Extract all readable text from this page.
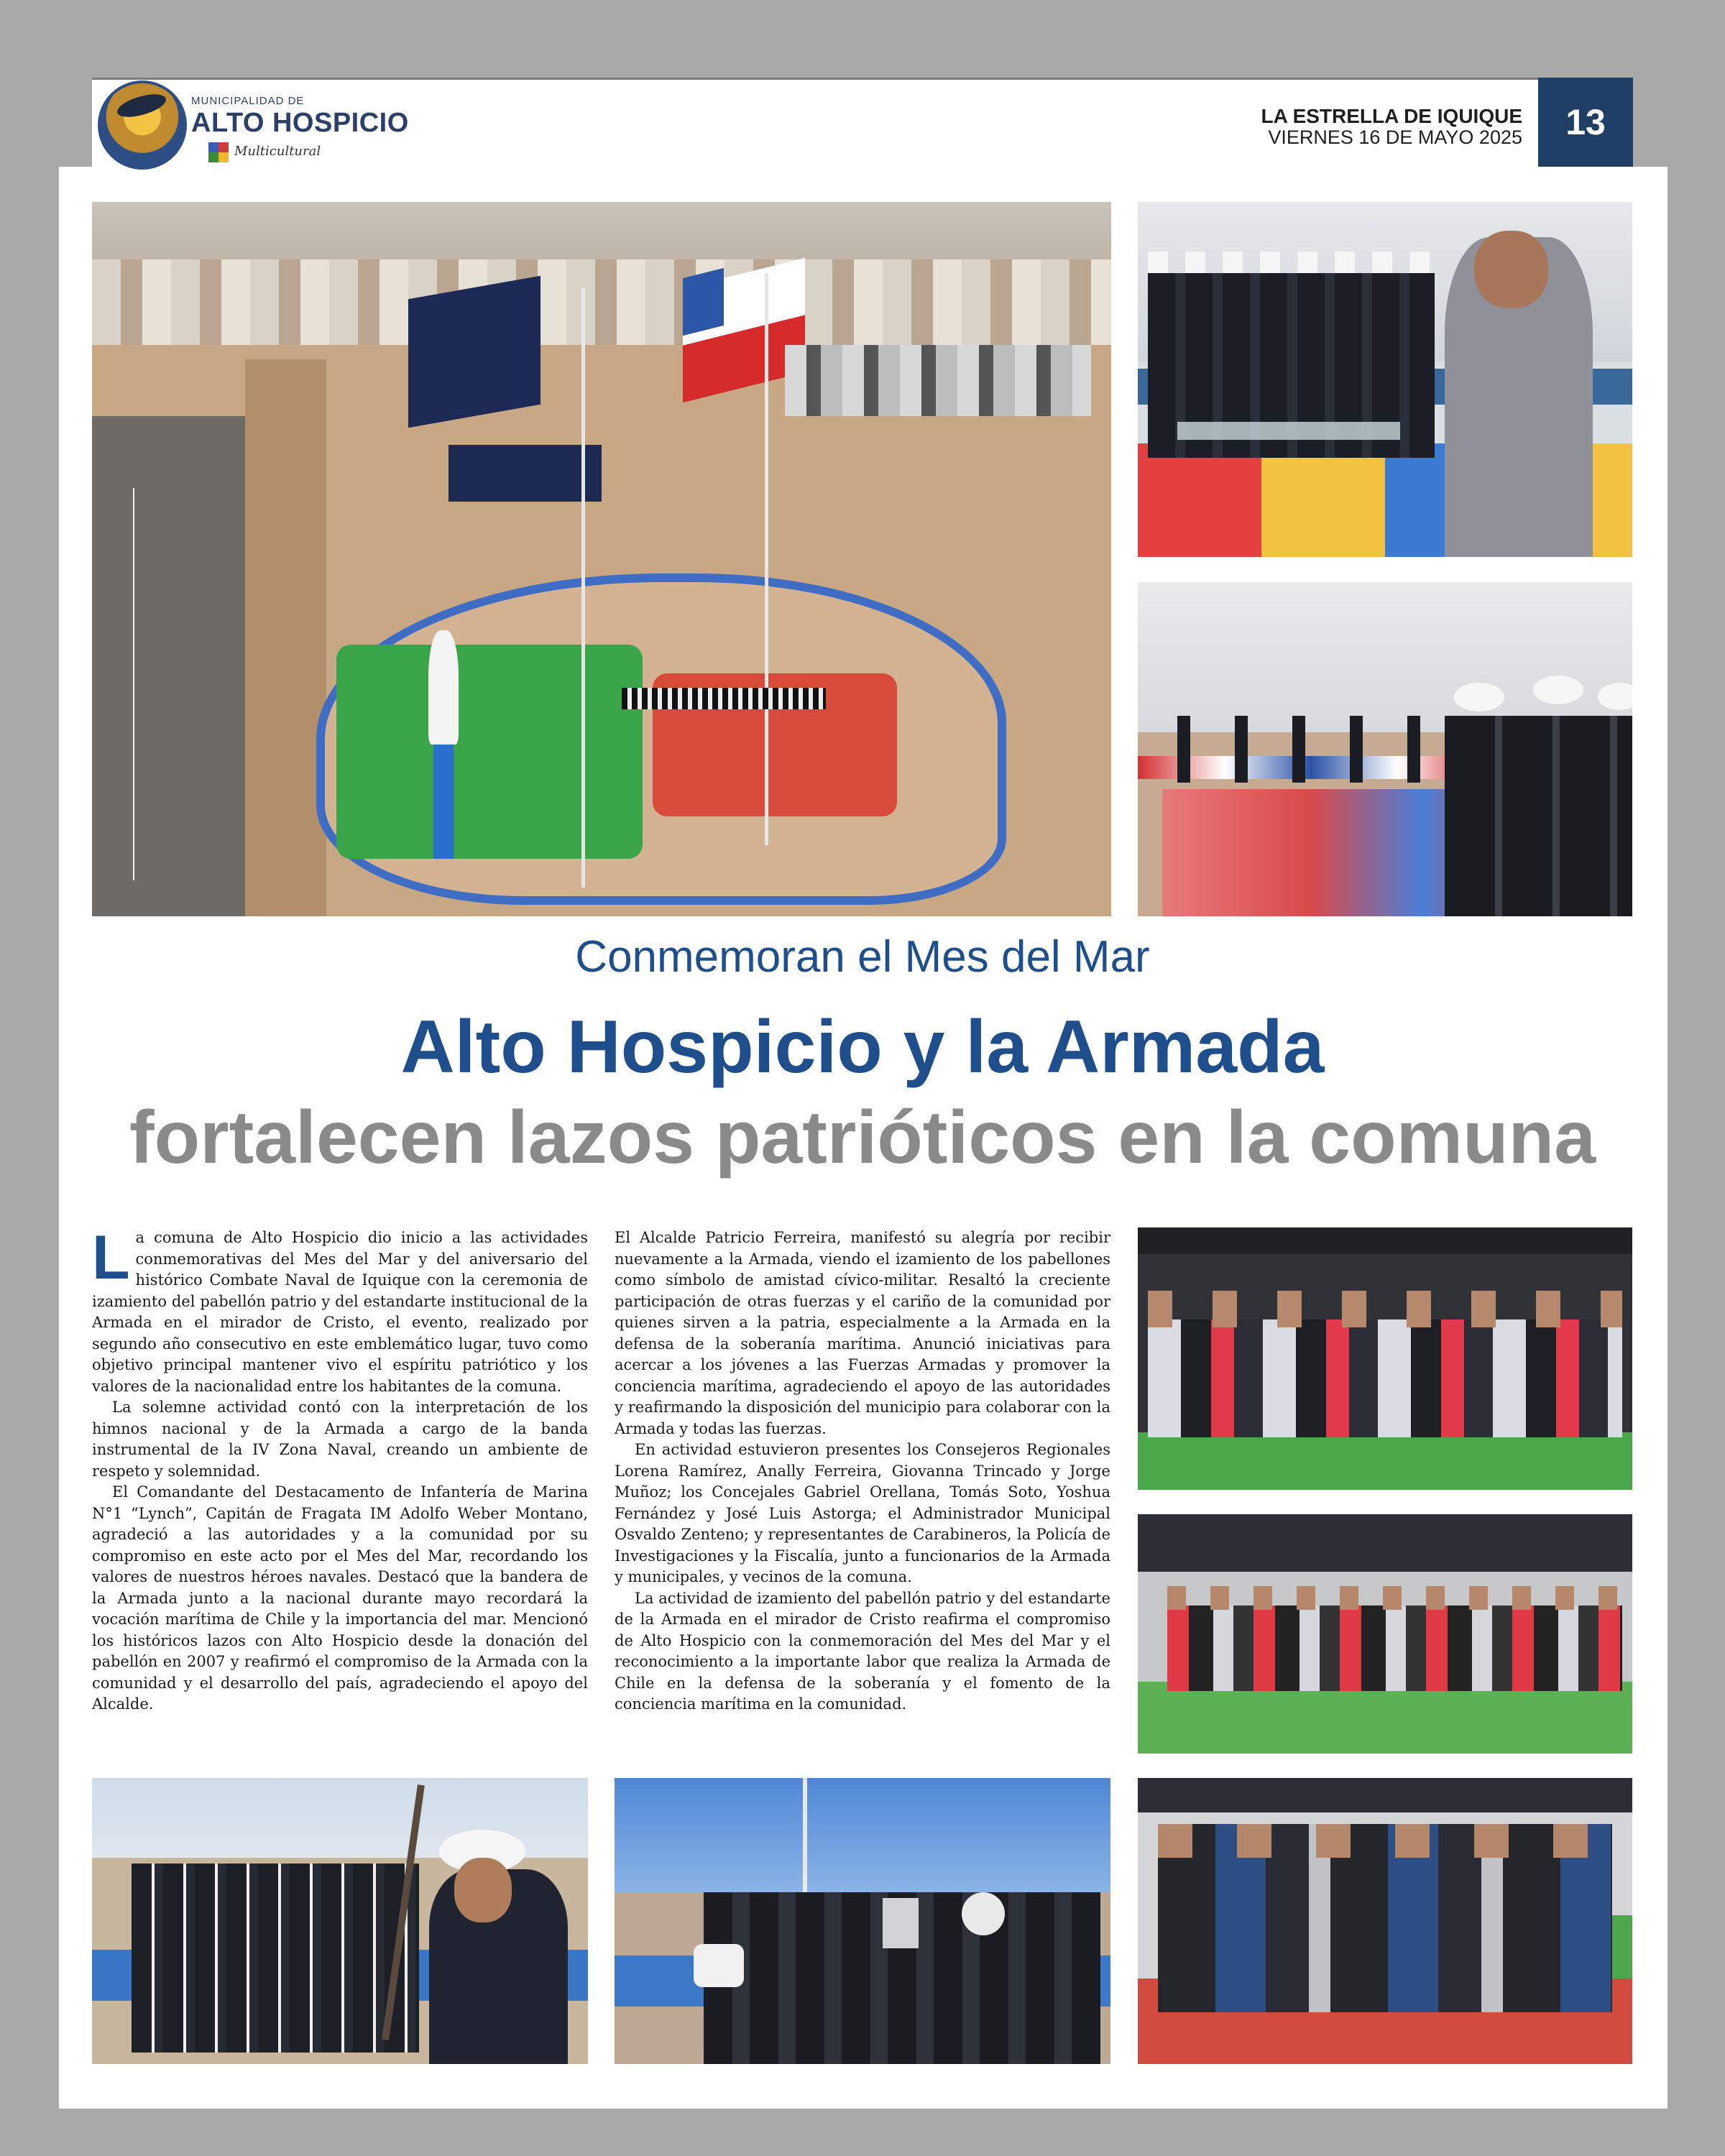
MUNICIPALIDAD DE
ALTO HOSPICIO
Multicultural
LA ESTRELLA DE IQUIQUE
VIERNES 16 DE MAYO 2025	13
Conmemoran el Mes del Mar
Alto Hospicio y la Armada
fortalecen lazos patrióticos en la comuna

La comuna de Alto Hospicio dio inicio a las actividades conmemorativas del Mes del Mar y del aniversario del histórico Combate Naval de Iquique con la ceremonia de izamiento del pabellón patrio y del estandarte institucional de la Armada en el mirador de Cristo, el evento, realizado por segundo año consecutivo en este emblemático lugar, tuvo como objetivo principal mantener vivo el espíritu patriótico y los valores de la nacionalidad entre los habitantes de la comuna.

La solemne actividad contó con la interpretación de los himnos nacional y de la Armada a cargo de la banda instrumental de la IV Zona Naval, creando un ambiente de respeto y solemnidad.

El Comandante del Destacamento de Infantería de Marina N°1 “Lynch”, Capitán de Fragata IM Adolfo Weber Montano, agradeció a las autoridades y a la comunidad por su compromiso en este acto por el Mes del Mar, recordando los valores de nuestros héroes navales. Destacó que la bandera de la Armada junto a la nacional durante mayo recordará la vocación marítima de Chile y la importancia del mar. Mencionó los históricos lazos con Alto Hospicio desde la donación del pabellón en 2007 y reafirmó el compromiso de la Armada con la comunidad y el desarrollo del país, agradeciendo el apoyo del Alcalde.

El Alcalde Patricio Ferreira, manifestó su alegría por recibir nuevamente a la Armada, viendo el izamiento de los pabellones como símbolo de amistad cívico-militar. Resaltó la creciente participación de otras fuerzas y el cariño de la comunidad por quienes sirven a la patria, especialmente a la Armada en la defensa de la soberanía marítima. Anunció iniciativas para acercar a los jóvenes a las Fuerzas Armadas y promover la conciencia marítima, agradeciendo el apoyo de las autoridades y reafirmando la disposición del municipio para colaborar con la Armada y todas las fuerzas.

En actividad estuvieron presentes los Consejeros Regionales Lorena Ramírez, Anally Ferreira, Giovanna Trincado y Jorge Muñoz; los Concejales Gabriel Orellana, Tomás Soto, Yoshua Fernández y José Luis Astorga; el Administrador Municipal Osvaldo Zenteno; y representantes de Carabineros, la Policía de Investigaciones y la Fiscalía, junto a funcionarios de la Armada y municipales, y vecinos de la comuna.

La actividad de izamiento del pabellón patrio y del estandarte de la Armada en el mirador de Cristo reafirma el compromiso de Alto Hospicio con la conmemoración del Mes del Mar y el reconocimiento a la importante labor que realiza la Armada de Chile en la defensa de la soberanía y el fomento de la conciencia marítima en la comunidad.
